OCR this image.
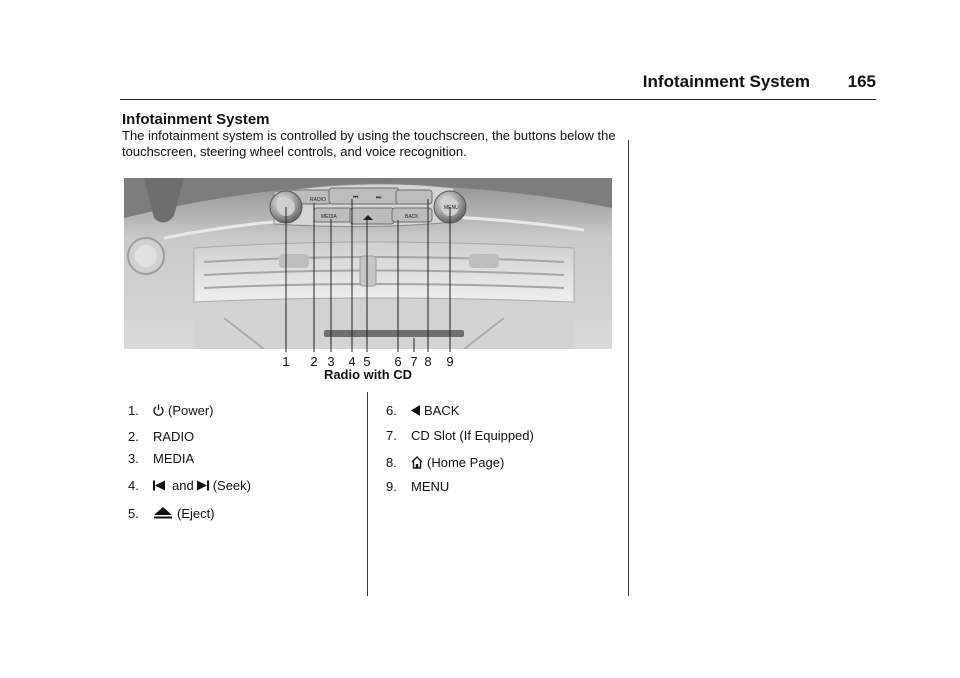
Infotainment System	165
Infotainment System
The infotainment system is controlled by using the touchscreen, the buttons below the touchscreen, steering wheel controls, and voice recognition.
RADIO
MEDIA	BACK
⏮	⏭
MENU
1 2 3 4 5 6 7 8 9
Radio with CD
1.	(Power)
2.	RADIO
3.	MEDIA
4.	and (Seek)
5.	(Eject)
6.	BACK
7.	CD Slot (If Equipped)
8.	(Home Page)
9.	MENU
